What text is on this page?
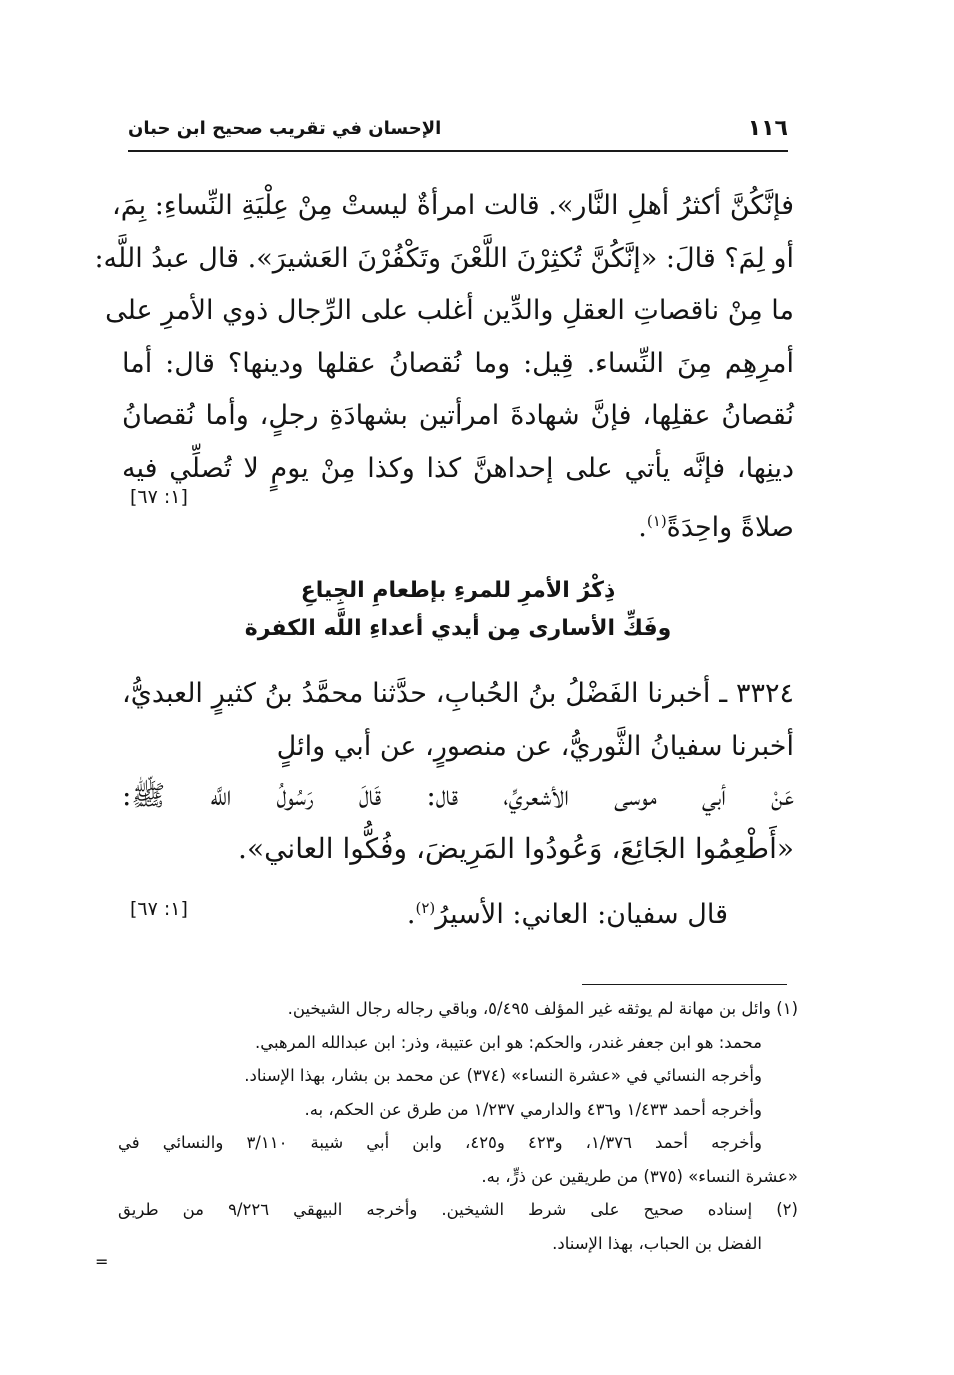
١١٦
الإحسان في تقريب صحيح ابن حبان
فإنَّكُنَّ أكثرُ أهلِ النَّار». قالت امرأةٌ ليستْ مِنْ عِلْيَةِ النِّساءِ: بِمَ،
أو لِمَ؟ قالَ: «إنَّكُنَّ تُكثِرْنَ اللَّعْنَ وتَكْفُرْنَ العَشيرَ». قال عبدُ اللَّه:
ما مِنْ ناقصاتِ العقلِ والدِّين أغلب على الرِّجال ذوي الأمرِ على
أمرِهِم مِنَ النِّساء. قِيل: وما نُقصانُ عقلها ودينها؟ قال: أما
نُقصانُ عقلِها، فإنَّ شهادةَ امرأتين بشهادَةِ رجلٍ، وأما نُقصانُ
دينِها، فإنَّه يأتي على إحداهنَّ كذا وكذا مِنْ يومٍ لا تُصلِّي فيه
صلاةً واحِدَةً$^{(١)}$.
[١: ٦٧]
ذِكْرُ الأمرِ للمرءِ بإطعامِ الجِياعِ
وفَكِّ الأسارى مِن أيدي أعداءِ اللَّه الكفرة
٣٣٢٤ ـ أخبرنا الفَضْلُ بنُ الحُبابِ، حدَّثنا محمَّدُ بنُ كثيرٍ العبديُّ،
أخبرنا سفيانُ الثَّوريُّ، عن منصورٍ، عن أبي وائلٍ
عَنْ أبي موسى الأشعريِّ، قال: قَالَ رَسُولُ اللَّه ﷺ:
«أَطْعِمُوا الجَائِعَ، وَعُودُوا المَرِيضَ، وفُكُّوا العاني».
قال سفيان: العاني: الأسيرُ$^{(٢)}$.
[١: ٦٧]
(١) وائل بن مهانة لم يوثقه غير المؤلف ٥/٤٩٥، وباقي رجاله رجال الشيخين.
محمد: هو ابن جعفر غندر، والحكم: هو ابن عتيبة، وذر: ابن عبدالله المرهبي.
وأخرجه النسائي في «عشرة النساء» (٣٧٤) عن محمد بن بشار، بهذا الإسناد.
وأخرجه أحمد ١/٤٣٣ و٤٣٦ والدارمي ١/٢٣٧ من طرق عن الحكم، به.
وأخرجه أحمد ١/٣٧٦، و٤٢٣ و٤٢٥، وابن أبي شيبة ٣/١١٠ والنسائي في
«عشرة النساء» (٣٧٥) من طريقين عن ذرٍّ، به.
(٢) إسناده صحيح على شرط الشيخين. وأخرجه البيهقي ٩/٢٢٦ من طريق
الفضل بن الحباب، بهذا الإسناد.
=
